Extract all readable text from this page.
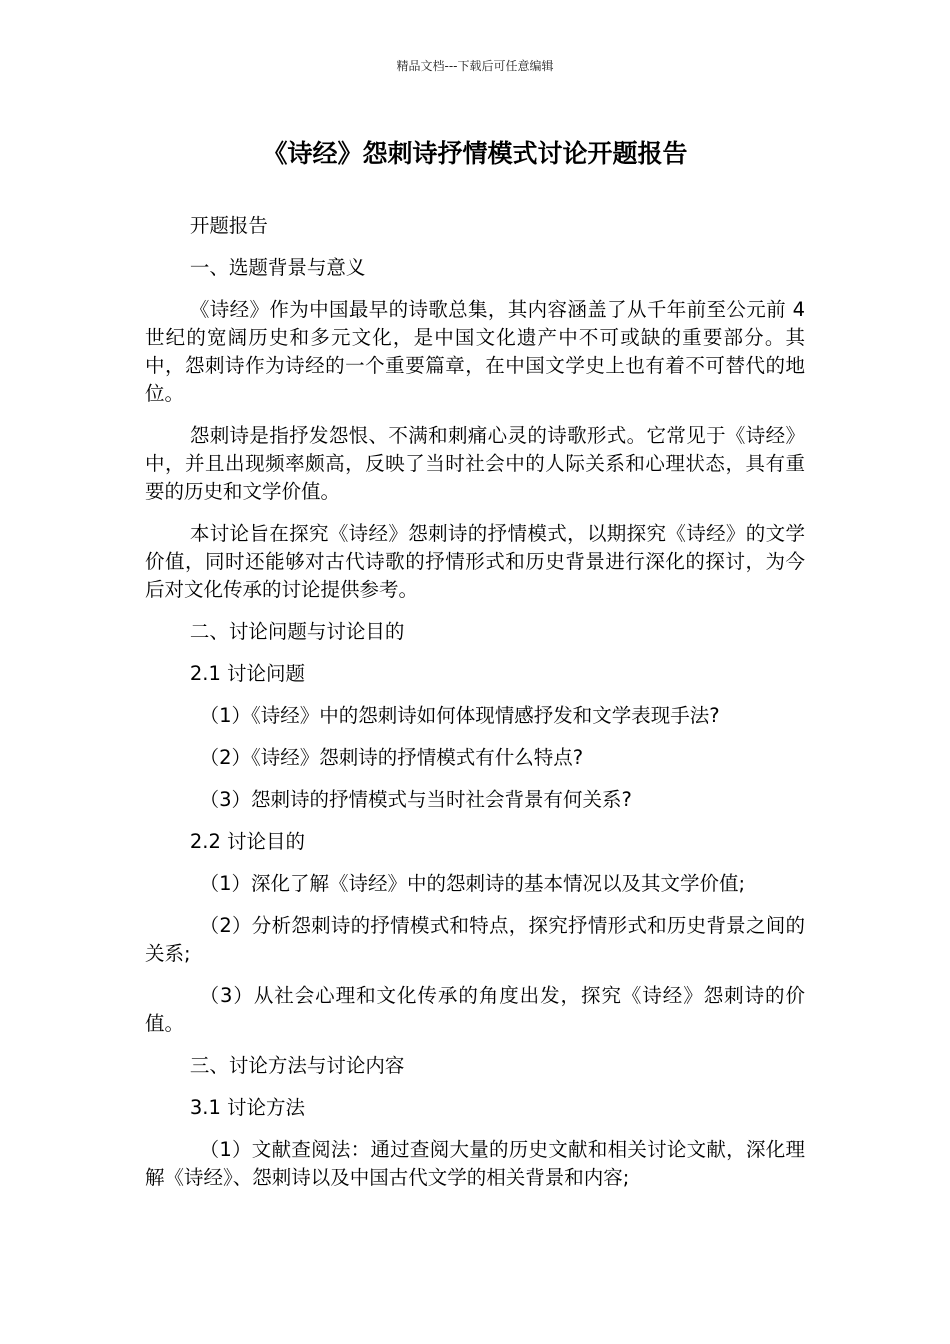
精品文档---下载后可任意编辑
《诗经》怨刺诗抒情模式讨论开题报告

开题报告

一、选题背景与意义

《诗经》作为中国最早的诗歌总集，其内容涵盖了从千年前至公元前 4 世纪的宽阔历史和多元文化，是中国文化遗产中不可或缺的重要部分。其中，怨刺诗作为诗经的一个重要篇章，在中国文学史上也有着不可替代的地位。

怨刺诗是指抒发怨恨、不满和刺痛心灵的诗歌形式。它常见于《诗经》中，并且出现频率颇高，反映了当时社会中的人际关系和心理状态，具有重要的历史和文学价值。

本讨论旨在探究《诗经》怨刺诗的抒情模式，以期探究《诗经》的文学价值，同时还能够对古代诗歌的抒情形式和历史背景进行深化的探讨，为今后对文化传承的讨论提供参考。

二、讨论问题与讨论目的

2.1 讨论问题

（1）《诗经》中的怨刺诗如何体现情感抒发和文学表现手法?

（2）《诗经》怨刺诗的抒情模式有什么特点?

（3）怨刺诗的抒情模式与当时社会背景有何关系?

2.2 讨论目的

（1）深化了解《诗经》中的怨刺诗的基本情况以及其文学价值;

（2）分析怨刺诗的抒情模式和特点，探究抒情形式和历史背景之间的关系;

（3）从社会心理和文化传承的角度出发，探究《诗经》怨刺诗的价值。

三、讨论方法与讨论内容

3.1 讨论方法

（1）文献查阅法：通过查阅大量的历史文献和相关讨论文献，深化理解《诗经》、怨刺诗以及中国古代文学的相关背景和内容;
